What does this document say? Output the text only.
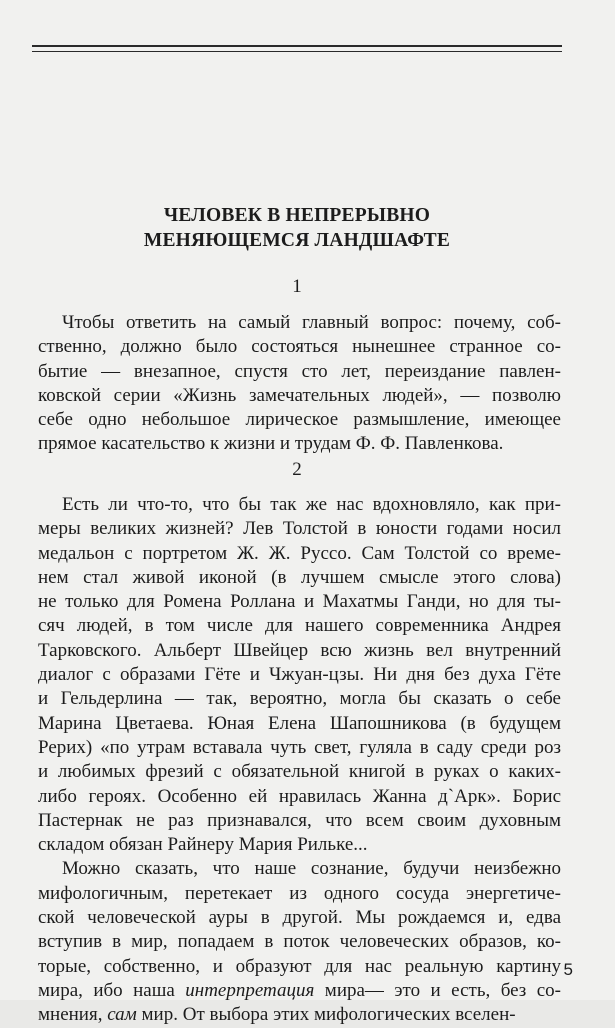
ЧЕЛОВЕК В НЕПРЕРЫВНО
МЕНЯЮЩЕМСЯ ЛАНДШАФТЕ
1
Чтобы ответить на самый главный вопрос: почему, соб-
ственно, должно было состояться нынешнее странное со-
бытие — внезапное, спустя сто лет, переиздание павлен-
ковской серии «Жизнь замечательных людей», — позволю
себе одно небольшое лирическое размышление, имеющее
прямое касательство к жизни и трудам Ф. Ф. Павленкова.
2
Есть ли что-то, что бы так же нас вдохновляло, как при-
меры великих жизней? Лев Толстой в юности годами носил
медальон с портретом Ж. Ж. Руссо. Сам Толстой со време-
нем стал живой иконой (в лучшем смысле этого слова)
не только для Ромена Роллана и Махатмы Ганди, но для ты-
сяч людей, в том числе для нашего современника Андрея
Тарковского. Альберт Швейцер всю жизнь вел внутренний
диалог с образами Гёте и Чжуан-цзы. Ни дня без духа Гёте
и Гельдерлина — так, вероятно, могла бы сказать о себе
Марина Цветаева. Юная Елена Шапошникова (в будущем
Рерих) «по утрам вставала чуть свет, гуляла в саду среди роз
и любимых фрезий с обязательной книгой в руках о каких-
либо героях. Особенно ей нравилась Жанна д`Арк». Борис
Пастернак не раз признавался, что всем своим духовным
складом обязан Райнеру Мария Рильке...
Можно сказать, что наше сознание, будучи неизбежно
мифологичным, перетекает из одного сосуда энергетиче-
ской человеческой ауры в другой. Мы рождаемся и, едва
вступив в мир, попадаем в поток человеческих образов, ко-
торые, собственно, и образуют для нас реальную картину
мира, ибо наша интерпретация мира— это и есть, без со-
мнения, сам мир. От выбора этих мифологических вселен-
5
